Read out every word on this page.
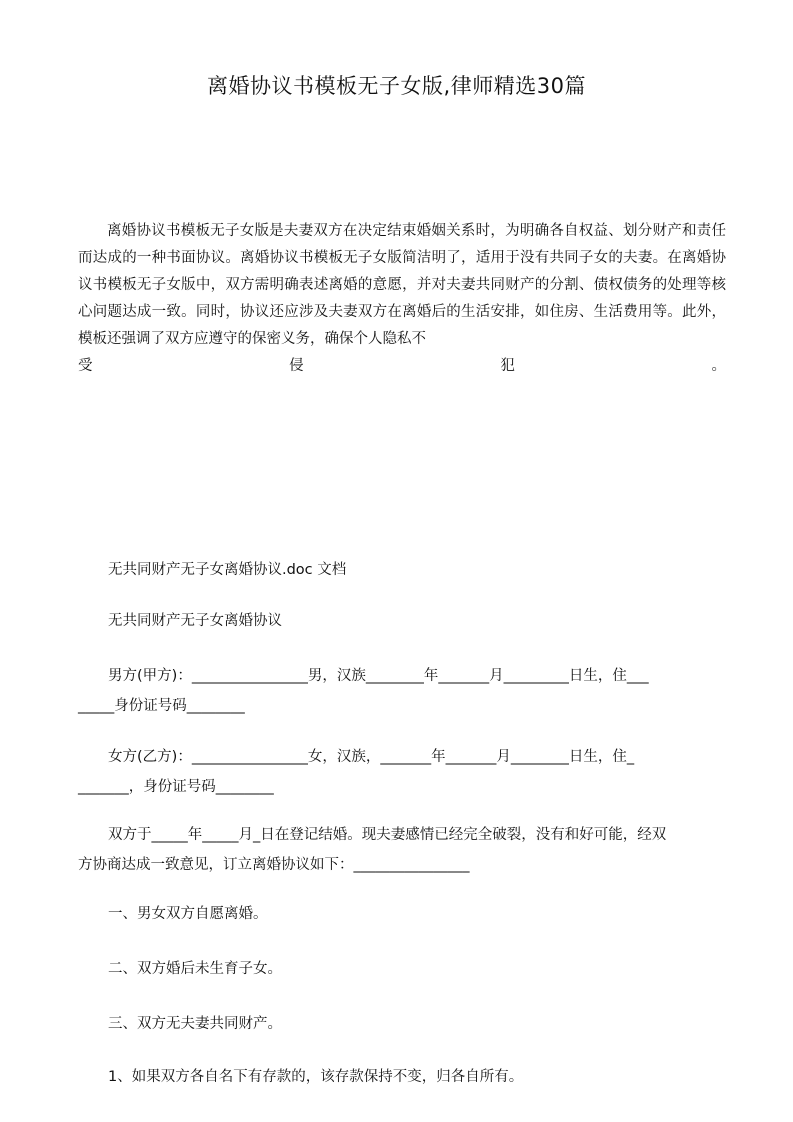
离婚协议书模板无子女版,律师精选30篇

离婚协议书模板无子女版是夫妻双方在决定结束婚姻关系时，为明确各自权益、划分财产和责任而达成的一种书面协议。离婚协议书模板无子女版简洁明了，适用于没有共同子女的夫妻。在离婚协议书模板无子女版中，双方需明确表述离婚的意愿，并对夫妻共同财产的分割、债权债务的处理等核心问题达成一致。同时，协议还应涉及夫妻双方在离婚后的生活安排，如住房、生活费用等。此外，模板还强调了双方应遵守的保密义务，确保个人隐私不

受	侵	犯	。
无共同财产无子女离婚协议.doc 文档
无共同财产无子女离婚协议
男方(甲方)：________________男，汉族________年_______月_________日生，住___
_____身份证号码________
女方(乙方)：________________女，汉族，_______年_______月________日生，住_
_______，身份证号码________
双方于_____年_____月_日在登记结婚。现夫妻感情已经完全破裂，没有和好可能，经双
方协商达成一致意见，订立离婚协议如下：________________
一、男女双方自愿离婚。
二、双方婚后未生育子女。
三、双方无夫妻共同财产。
1、如果双方各自名下有存款的，该存款保持不变，归各自所有。
